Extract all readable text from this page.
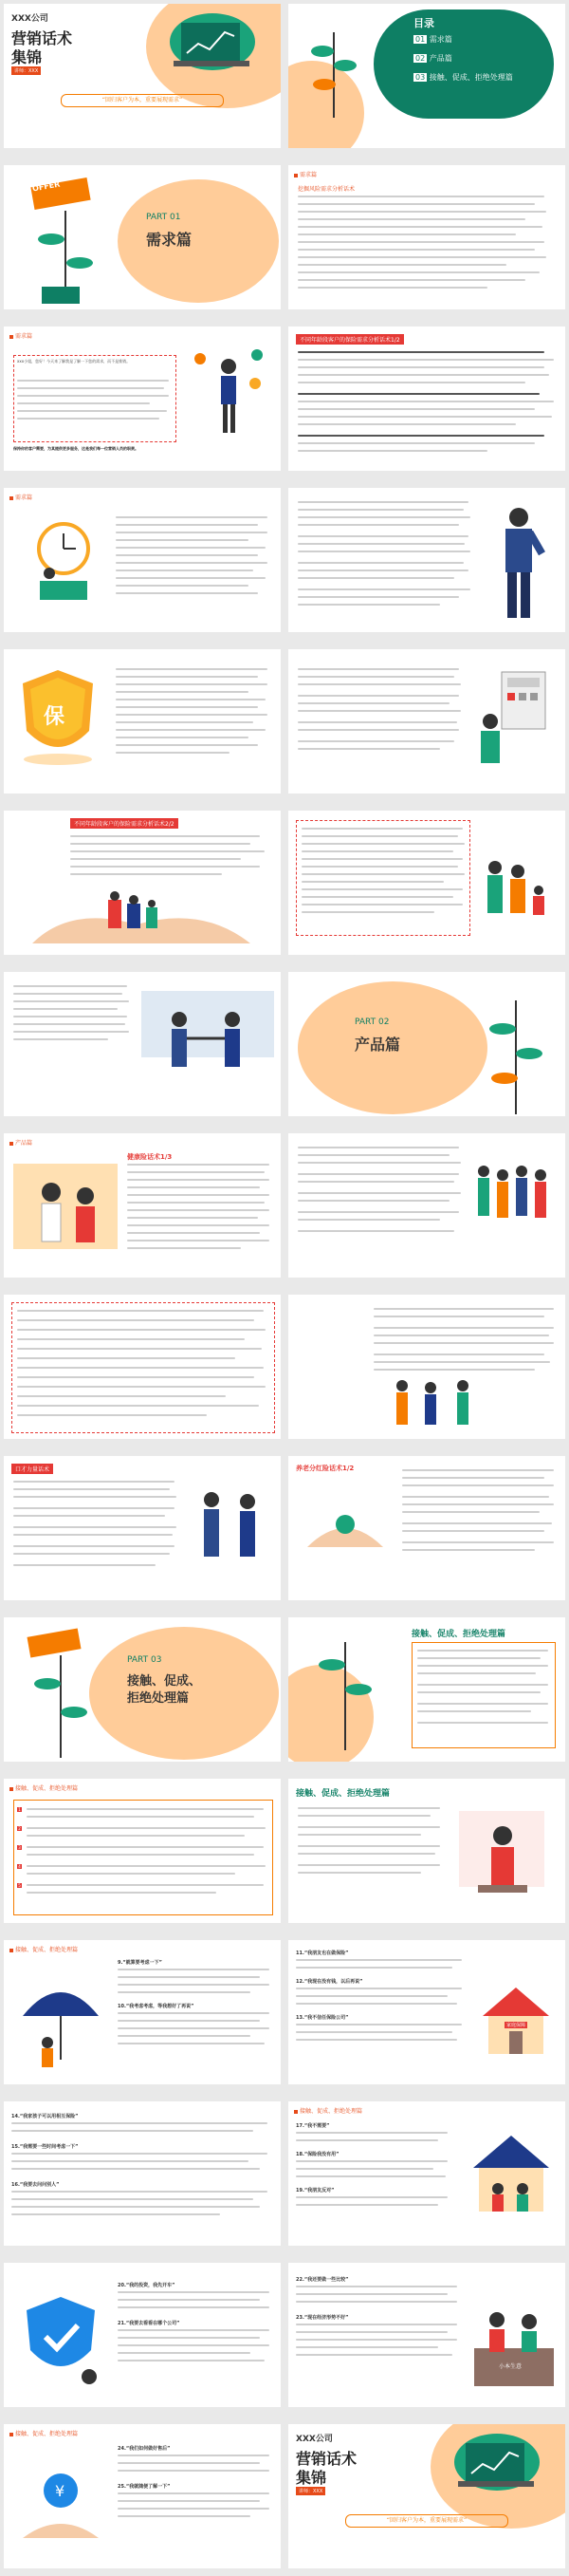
XXX公司
营销话术
集锦
讲师：XXX
“回归客户为本，重要展现需求”
目录
01 需求篇
02 产品篇
03 接触、促成、拒绝处理篇
OFFER
PART 01
需求篇
需求篇
挖掘风险需求分析话术
需求篇
xxx小姐，您好！今天来了解我是了解一下您的需求，而不是推销。
保持你的客户需要，为其提供更多服务，这是我们每一位营销人员的职责。
不同年龄段客户的保险需求分析话术1/2
需求篇
保
不同年龄段客户的保险需求分析话术2/2
PART 02
产品篇
产品篇
健康险话术1/3
口才力量话术	养老分红险话术1/2
PART 03
接触、促成、
拒绝处理篇
接触、促成、拒绝处理篇
接触、促成、拒绝处理篇
1
2
3
4
5
接触、促成、拒绝处理篇
接触、促成、拒绝处理篇
9.“就算要考虑一下”
10.“我考虑考虑，等我想好了再说”
11.“我朋友也在做保险”
12.“我现在没有钱，以后再说”
13.“我不信任保险公司”
家庭保障
14.“我家孩子可以用相互保险”
15.“我需要一些时间考虑一下”
16.“我要去问问别人”
接触、促成、拒绝处理篇
17.“我不需要”
18.“保险我没有用”
19.“我朋友反对”
20.“我的投资，我先开车”
21.“我要去看看在哪个公司”
22.“我还要做一些比较”
23.“现在经济形势不好”
小本生意
接触、促成、拒绝处理篇
¥
24.“我们如何做好售后”
25.“我就随便了解一下”
XXX公司
营销话术
集锦
讲师：XXX
“回归客户为本，重要展现需求”
